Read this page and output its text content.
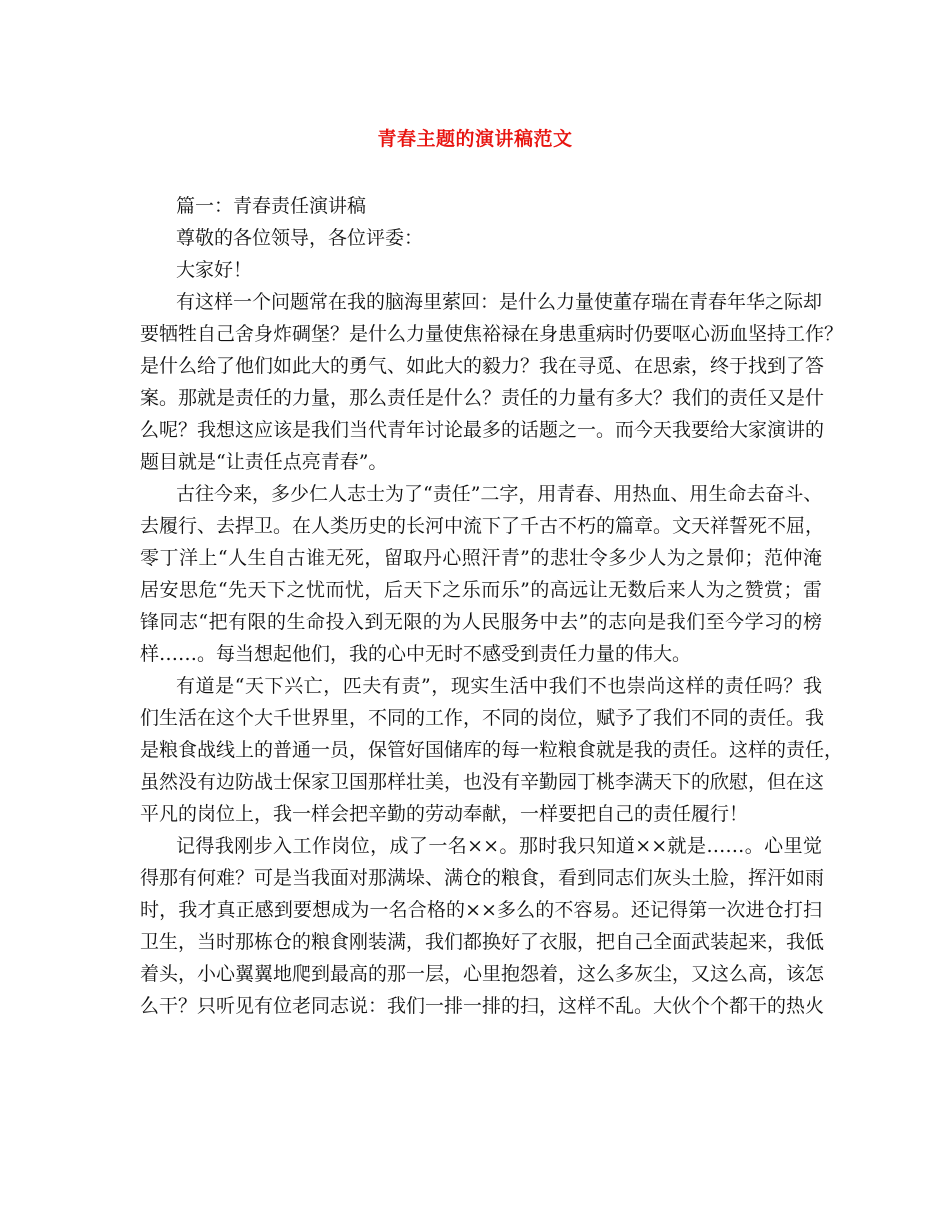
青春主题的演讲稿范文
篇一：青春责任演讲稿
尊敬的各位领导，各位评委：
大家好！
有这样一个问题常在我的脑海里萦回：是什么力量使董存瑞在青春年华之际却
要牺牲自己舍身炸碉堡？是什么力量使焦裕禄在身患重病时仍要呕心沥血坚持工作？
是什么给了他们如此大的勇气、如此大的毅力？我在寻觅、在思索，终于找到了答
案。那就是责任的力量，那么责任是什么？责任的力量有多大？我们的责任又是什
么呢？我想这应该是我们当代青年讨论最多的话题之一。而今天我要给大家演讲的
题目就是“让责任点亮青春”。
古往今来，多少仁人志士为了“责任”二字，用青春、用热血、用生命去奋斗、
去履行、去捍卫。在人类历史的长河中流下了千古不朽的篇章。文天祥誓死不屈，
零丁洋上“人生自古谁无死，留取丹心照汗青”的悲壮令多少人为之景仰；范仲淹
居安思危“先天下之忧而忧，后天下之乐而乐”的高远让无数后来人为之赞赏；雷
锋同志“把有限的生命投入到无限的为人民服务中去”的志向是我们至今学习的榜
样……。每当想起他们，我的心中无时不感受到责任力量的伟大。
有道是“天下兴亡，匹夫有责”，现实生活中我们不也崇尚这样的责任吗？我
们生活在这个大千世界里，不同的工作，不同的岗位，赋予了我们不同的责任。我
是粮食战线上的普通一员，保管好国储库的每一粒粮食就是我的责任。这样的责任，
虽然没有边防战士保家卫国那样壮美，也没有辛勤园丁桃李满天下的欣慰，但在这
平凡的岗位上，我一样会把辛勤的劳动奉献，一样要把自己的责任履行！
记得我刚步入工作岗位，成了一名××。那时我只知道××就是……。心里觉
得那有何难？可是当我面对那满垛、满仓的粮食，看到同志们灰头土脸，挥汗如雨
时，我才真正感到要想成为一名合格的××多么的不容易。还记得第一次进仓打扫
卫生，当时那栋仓的粮食刚装满，我们都换好了衣服，把自己全面武装起来，我低
着头，小心翼翼地爬到最高的那一层，心里抱怨着，这么多灰尘，又这么高，该怎
么干？只听见有位老同志说：我们一排一排的扫，这样不乱。大伙个个都干的热火
